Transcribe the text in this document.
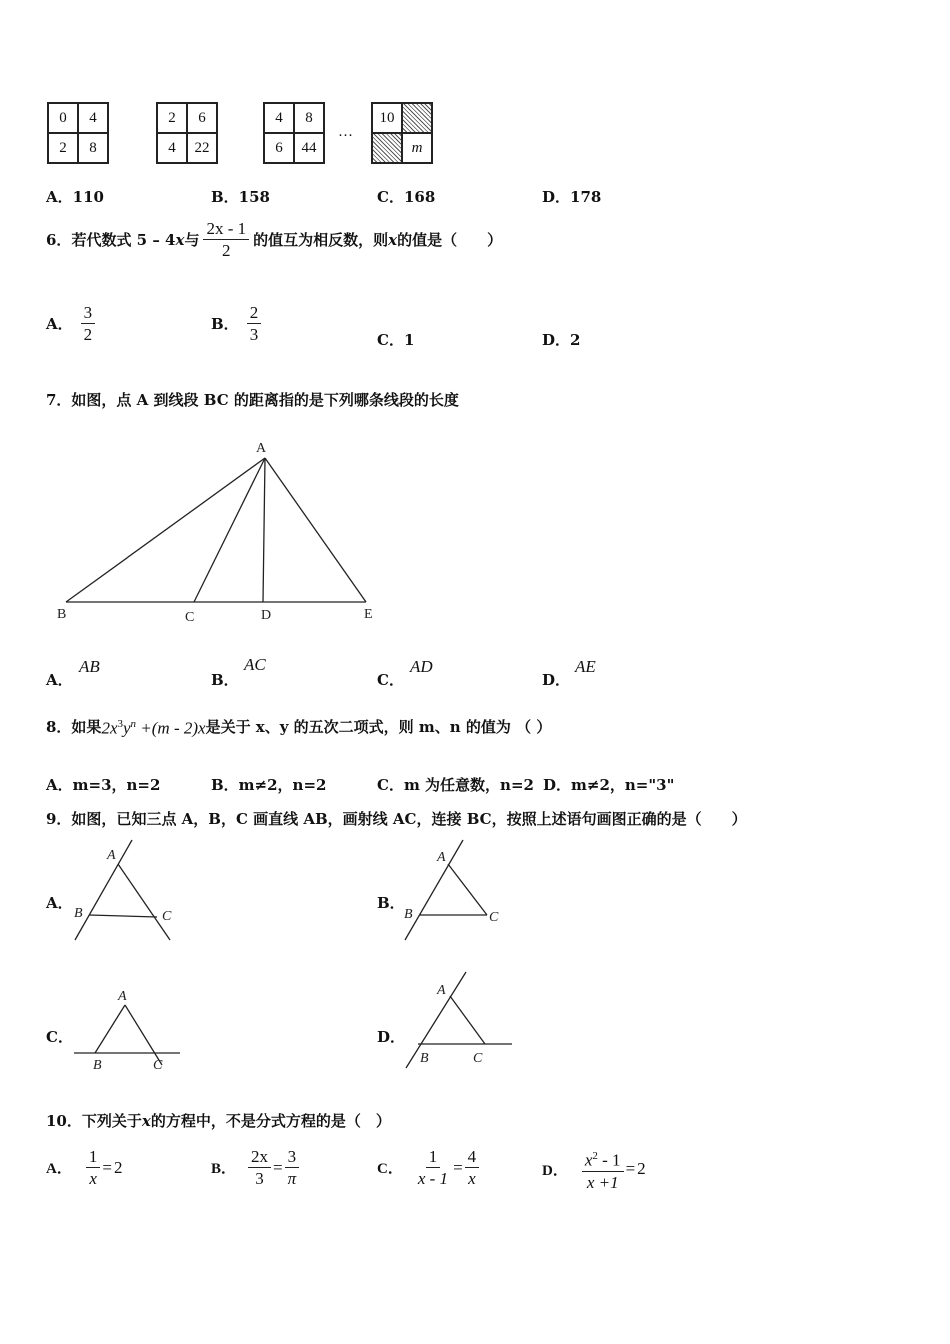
0	4
2	8
2	6
4	22
4	8
6	44
···
10
m
A．110	B．158	C．168	D．178
6． 若代数式 5 – 4 x 与 $\frac{2x - 1}{2}$ 的值互为相反数，则 x 的值是（　　）
A． $\frac{3}{2}$	B． $\frac{2}{3}$	C．1	D．2
7．如图，点 A 到线段 BC 的距离指的是下列哪条线段的长度
A
B	C	D	E
A．
AB
B．
AC
C．
AD
D．
AE
8．如果 $2x^3y^n +(m - 2)x$ 是关于 x、y 的五次二项式，则 m、n 的值为 （ ）
A．m=3，n=2	B．m≠2，n=2	C．m 为任意数，n=2 D．m≠2，n="3"
9．如图，已知三点 A，B，C 画直线 AB，画射线 AC，连接 BC，按照上述语句画图正确的是（　　）
A．
A
B	C
B．
A
B	C
C．
A
B	C
D．
A
B	C
10．下列关于 x 的方程中，不是分式方程的是（　）
A． $\frac{1}{x} = 2$	B． $\frac{2x}{3} = \frac{3}{\pi}$	C． $\frac{1}{x - 1} = \frac{4}{x}$	D． $\frac{x^2 - 1}{x +1} = 2$
